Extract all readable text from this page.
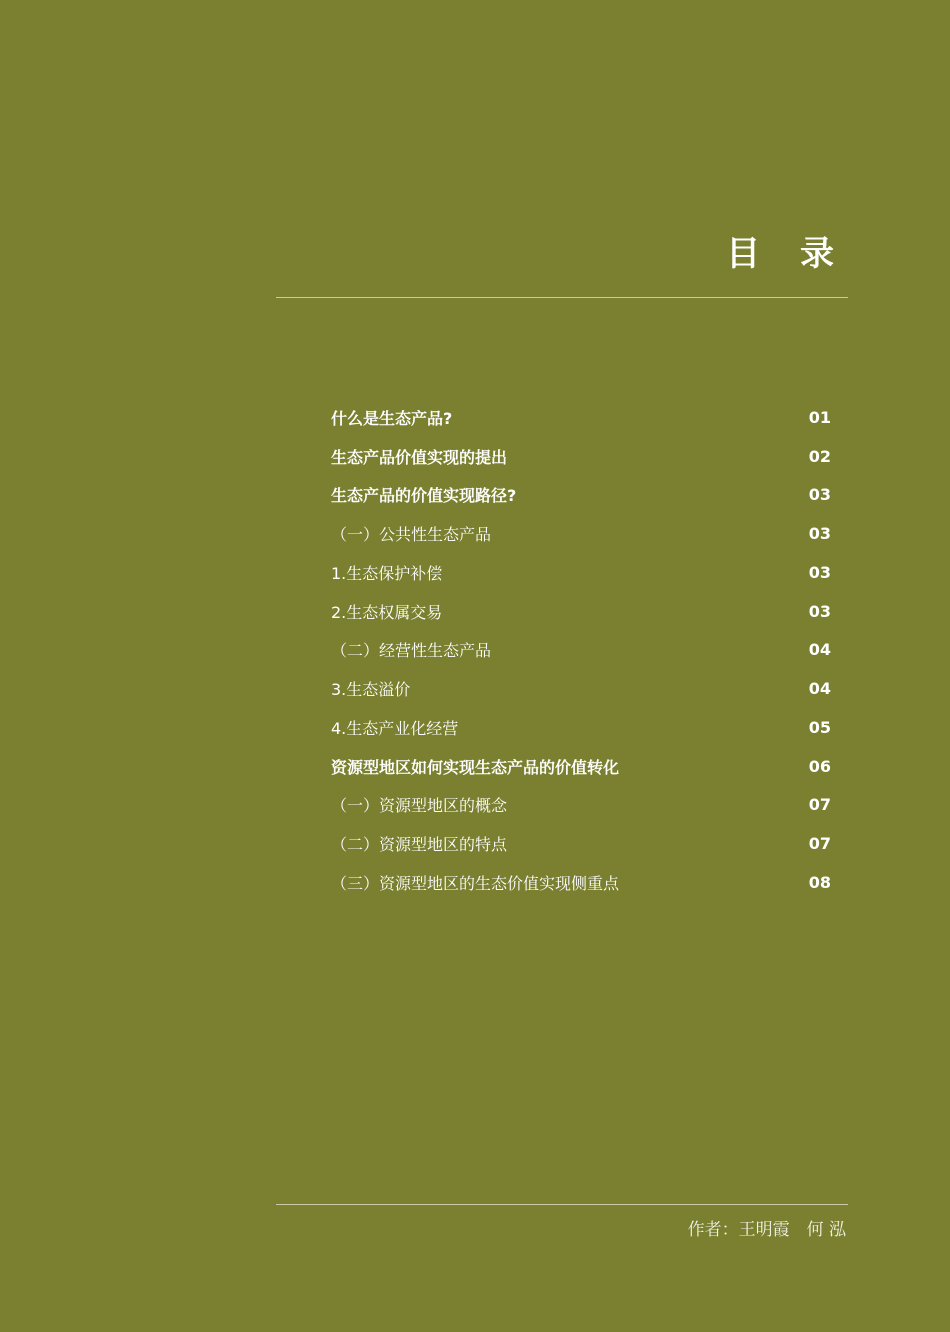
目 录
什么是生态产品?	01
生态产品价值实现的提出	02
生态产品的价值实现路径?	03
（一）公共性生态产品	03
1.生态保护补偿	03
2.生态权属交易	03
（二）经营性生态产品	04
3.生态溢价	04
4.生态产业化经营	05
资源型地区如何实现生态产品的价值转化	06
（一）资源型地区的概念	07
（二）资源型地区的特点	07
（三）资源型地区的生态价值实现侧重点	08
作者：王明霞　何 泓
